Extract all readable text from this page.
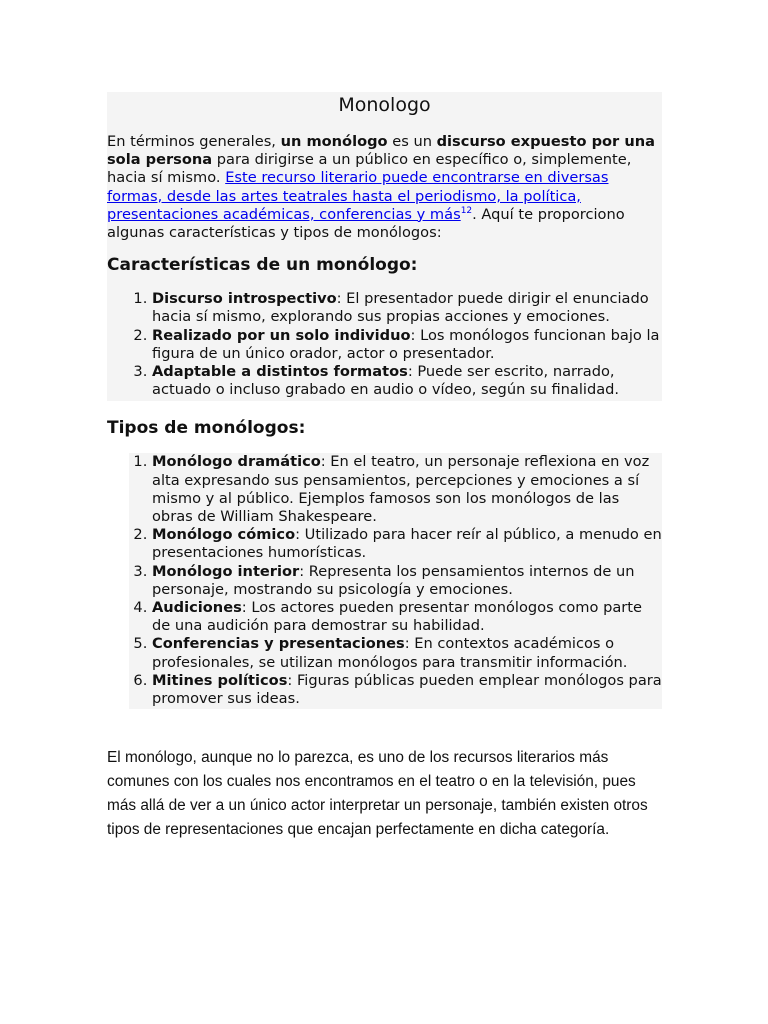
Monologo

En términos generales, un monólogo es un discurso expuesto por una sola persona para dirigirse a un público en específico o, simplemente, hacia sí mismo. Este recurso literario puede encontrarse en diversas formas, desde las artes teatrales hasta el periodismo, la política, presentaciones académicas, conferencias y más$^{12}$. Aquí te proporciono algunas características y tipos de monólogos:

Características de un monólogo:
1. Discurso introspectivo: El presentador puede dirigir el enunciado hacia sí mismo, explorando sus propias acciones y emociones.
2. Realizado por un solo individuo: Los monólogos funcionan bajo la figura de un único orador, actor o presentador.
3. Adaptable a distintos formatos: Puede ser escrito, narrado, actuado o incluso grabado en audio o vídeo, según su finalidad.
Tipos de monólogos:
1. Monólogo dramático: En el teatro, un personaje reflexiona en voz alta expresando sus pensamientos, percepciones y emociones a sí mismo y al público. Ejemplos famosos son los monólogos de las obras de William Shakespeare.
2. Monólogo cómico: Utilizado para hacer reír al público, a menudo en presentaciones humorísticas.
3. Monólogo interior: Representa los pensamientos internos de un personaje, mostrando su psicología y emociones.
4. Audiciones: Los actores pueden presentar monólogos como parte de una audición para demostrar su habilidad.
5. Conferencias y presentaciones: En contextos académicos o profesionales, se utilizan monólogos para transmitir información.
6. Mitines políticos: Figuras públicas pueden emplear monólogos para promover sus ideas.

El monólogo, aunque no lo parezca, es uno de los recursos literarios más comunes con los cuales nos encontramos en el teatro o en la televisión, pues más allá de ver a un único actor interpretar un personaje, también existen otros tipos de representaciones que encajan perfectamente en dicha categoría.
